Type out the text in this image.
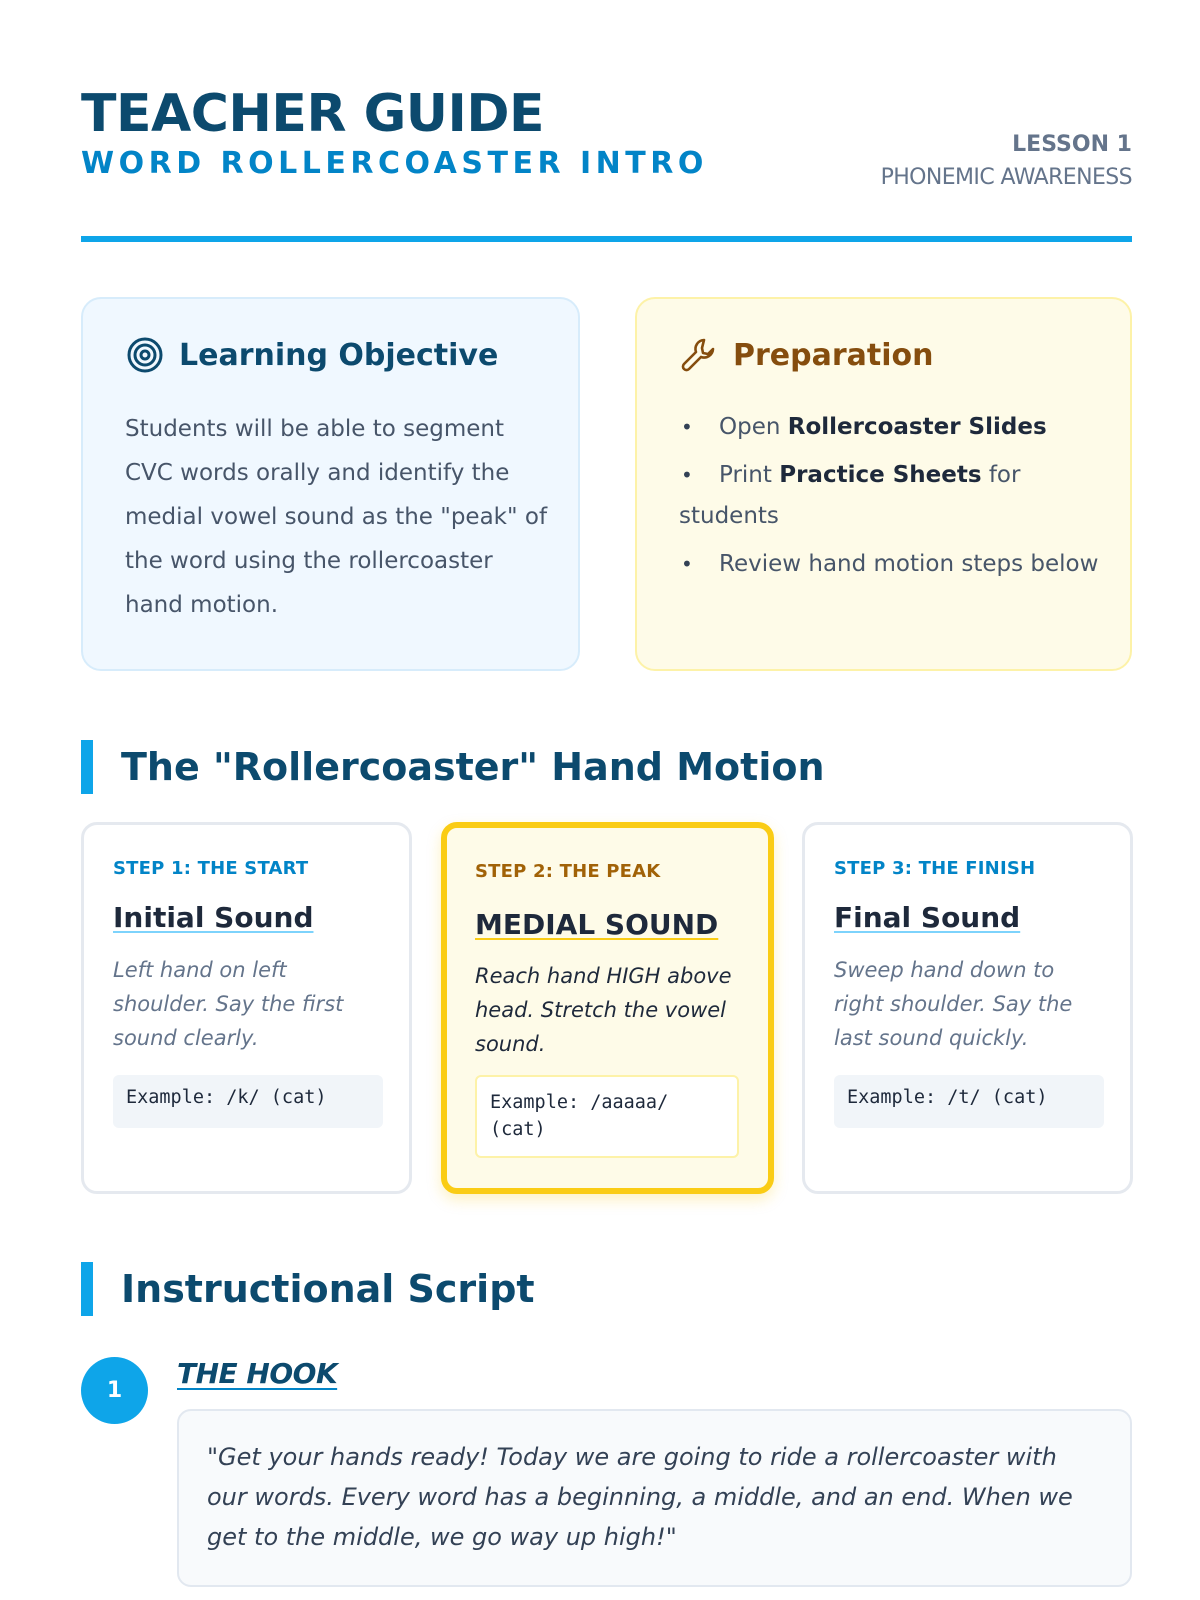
TEACHER GUIDE
WORD ROLLERCOASTER INTRO
LESSON 1
PHONEMIC AWARENESS
Learning Objective

Students will be able to segment CVC words orally and identify the medial vowel sound as the "peak" of the word using the rollercoaster hand motion.

Preparation
• Open Rollercoaster Slides
• Print Practice Sheets for students
• Review hand motion steps below
The "Rollercoaster" Hand Motion
STEP 1: THE START
Initial Sound
Left hand on left shoulder. Say the first sound clearly.
Example: /k/ (cat)
STEP 2: THE PEAK
MEDIAL SOUND
Reach hand HIGH above head. Stretch the vowel sound.
Example: /aaaaa/ (cat)
STEP 3: THE FINISH
Final Sound
Sweep hand down to right shoulder. Say the last sound quickly.
Example: /t/ (cat)
Instructional Script
1
THE HOOK
"Get your hands ready! Today we are going to ride a rollercoaster with our words. Every word has a beginning, a middle, and an end. When we get to the middle, we go way up high!"
